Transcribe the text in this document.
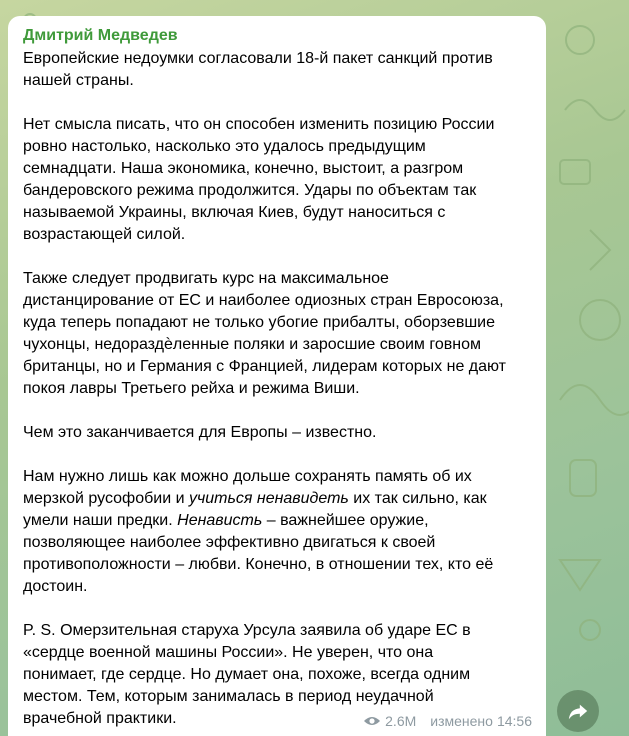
Дмитрий Медведев

Европейские недоумки согласовали 18-й пакет санкций против
нашей страны.

Нет смысла писать, что он способен изменить позицию России
ровно настолько, насколько это удалось предыдущим
семнадцати. Наша экономика, конечно, выстоит, а разгром
бандеровского режима продолжится. Удары по объектам так
называемой Украины, включая Киев, будут наноситься с
возрастающей силой.

Также следует продвигать курс на максимальное
дистанцирование от ЕС и наиболее одиозных стран Евросоюза,
куда теперь попадают не только убогие прибалты, оборзевшие
чухонцы, недораздѐленные поляки и заросшие своим говном
британцы, но и Германия с Францией, лидерам которых не дают
покоя лавры Третьего рейха и режима Виши.

Чем это заканчивается для Европы – известно.

Нам нужно лишь как можно дольше сохранять память об их
мерзкой русофобии и учиться ненавидеть их так сильно, как
умели наши предки. Ненависть – важнейшее оружие,
позволяющее наиболее эффективно двигаться к своей
противоположности – любви. Конечно, в отношении тех, кто её
достоин.

P. S. Омерзительная старуха Урсула заявила об ударе ЕС в
«сердце военной машины России». Не уверен, что она
понимает, где сердце. Но думает она, похоже, всегда одним
местом. Тем, которым занималась в период неудачной
врачебной практики.	2.6M изменено 14:56
